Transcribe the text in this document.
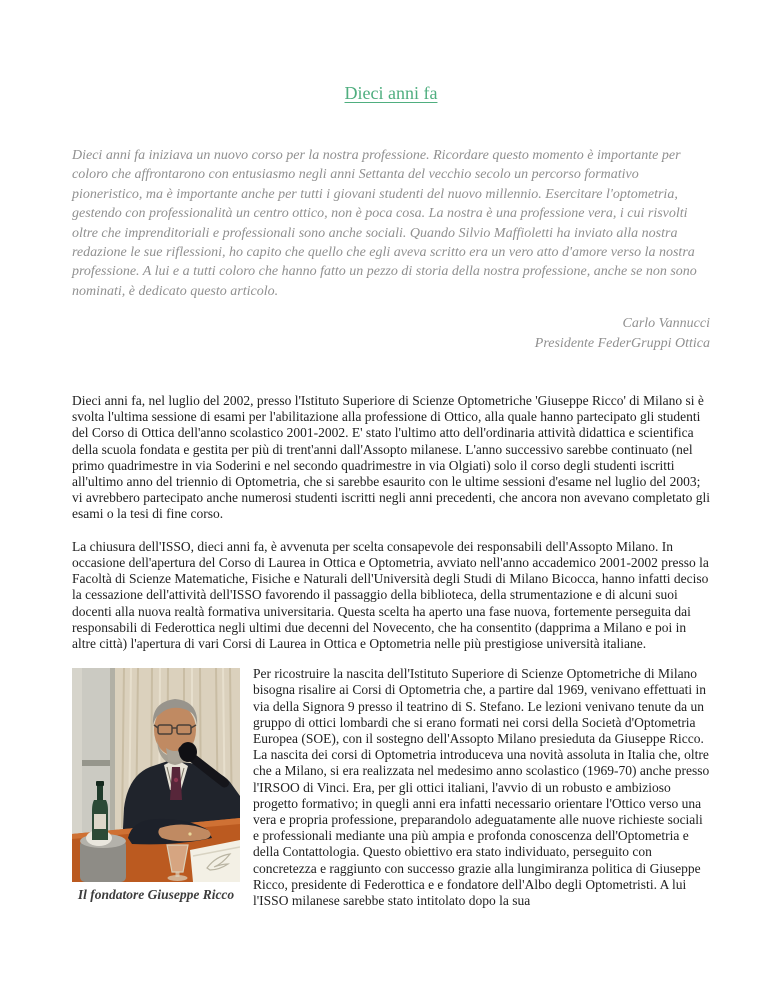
Dieci anni fa

Dieci anni fa iniziava un nuovo corso per la nostra professione. Ricordare questo momento è importante per coloro che affrontarono con entusiasmo negli anni Settanta del vecchio secolo un percorso formativo pioneristico, ma è importante anche per tutti i giovani studenti del nuovo millennio. Esercitare l'optometria, gestendo con professionalità un centro ottico, non è poca cosa. La nostra è una professione vera, i cui risvolti oltre che imprenditoriali e professionali sono anche sociali. Quando Silvio Maffioletti ha inviato alla nostra redazione le sue riflessioni, ho capito che quello che egli aveva scritto era un vero atto d'amore verso la nostra professione. A lui e a tutti coloro che hanno fatto un pezzo di storia della nostra professione, anche se non sono nominati, è dedicato questo articolo.

Carlo Vannucci
Presidente FederGruppi Ottica

Dieci anni fa, nel luglio del 2002, presso l'Istituto Superiore di Scienze Optometriche 'Giuseppe Ricco' di Milano si è svolta l'ultima sessione di esami per l'abilitazione alla professione di Ottico, alla quale hanno partecipato gli studenti del Corso di Ottica dell'anno scolastico 2001-2002. E' stato l'ultimo atto dell'ordinaria attività didattica e scientifica della scuola fondata e gestita per più di trent'anni dall'Assopto milanese. L'anno successivo sarebbe continuato (nel primo quadrimestre in via Soderini e nel secondo quadrimestre in via Olgiati) solo il corso degli studenti iscritti all'ultimo anno del triennio di Optometria, che si sarebbe esaurito con le ultime sessioni d'esame nel luglio del 2003; vi avrebbero partecipato anche numerosi studenti iscritti negli anni precedenti, che ancora non avevano completato gli esami o la tesi di fine corso.

La chiusura dell'ISSO, dieci anni fa, è avvenuta per scelta consapevole dei responsabili dell'Assopto Milano. In occasione dell'apertura del Corso di Laurea in Ottica e Optometria, avviato nell'anno accademico 2001-2002 presso la Facoltà di Scienze Matematiche, Fisiche e Naturali dell'Università degli Studi di Milano Bicocca, hanno infatti deciso la cessazione dell'attività dell'ISSO favorendo il passaggio della biblioteca, della strumentazione e di alcuni suoi docenti alla nuova realtà formativa universitaria. Questa scelta ha aperto una fase nuova, fortemente perseguita dai responsabili di Federottica negli ultimi due decenni del Novecento, che ha consentito (dapprima a Milano e poi in altre città) l'apertura di vari Corsi di Laurea in Ottica e Optometria nelle più prestigiose università italiane.

Il fondatore Giuseppe Ricco

Per ricostruire la nascita dell'Istituto Superiore di Scienze Optometriche di Milano bisogna risalire ai Corsi di Optometria che, a partire dal 1969, venivano effettuati in via della Signora 9 presso il teatrino di S. Stefano. Le lezioni venivano tenute da un gruppo di ottici lombardi che si erano formati nei corsi della Società d'Optometria Europea (SOE), con il sostegno dell'Assopto Milano presieduta da Giuseppe Ricco. La nascita dei corsi di Optometria introduceva una novità assoluta in Italia che, oltre che a Milano, si era realizzata nel medesimo anno scolastico (1969-70) anche presso l'IRSOO di Vinci. Era, per gli ottici italiani, l'avvio di un robusto e ambizioso progetto formativo; in quegli anni era infatti necessario orientare l'Ottico verso una vera e propria professione, preparandolo adeguatamente alle nuove richieste sociali e professionali mediante una più ampia e profonda conoscenza dell'Optometria e della Contattologia. Questo obiettivo era stato individuato, perseguito con concretezza e raggiunto con successo grazie alla lungimiranza politica di Giuseppe Ricco, presidente di Federottica e e fondatore dell'Albo degli Optometristi. A lui l'ISSO milanese sarebbe stato intitolato dopo la sua
